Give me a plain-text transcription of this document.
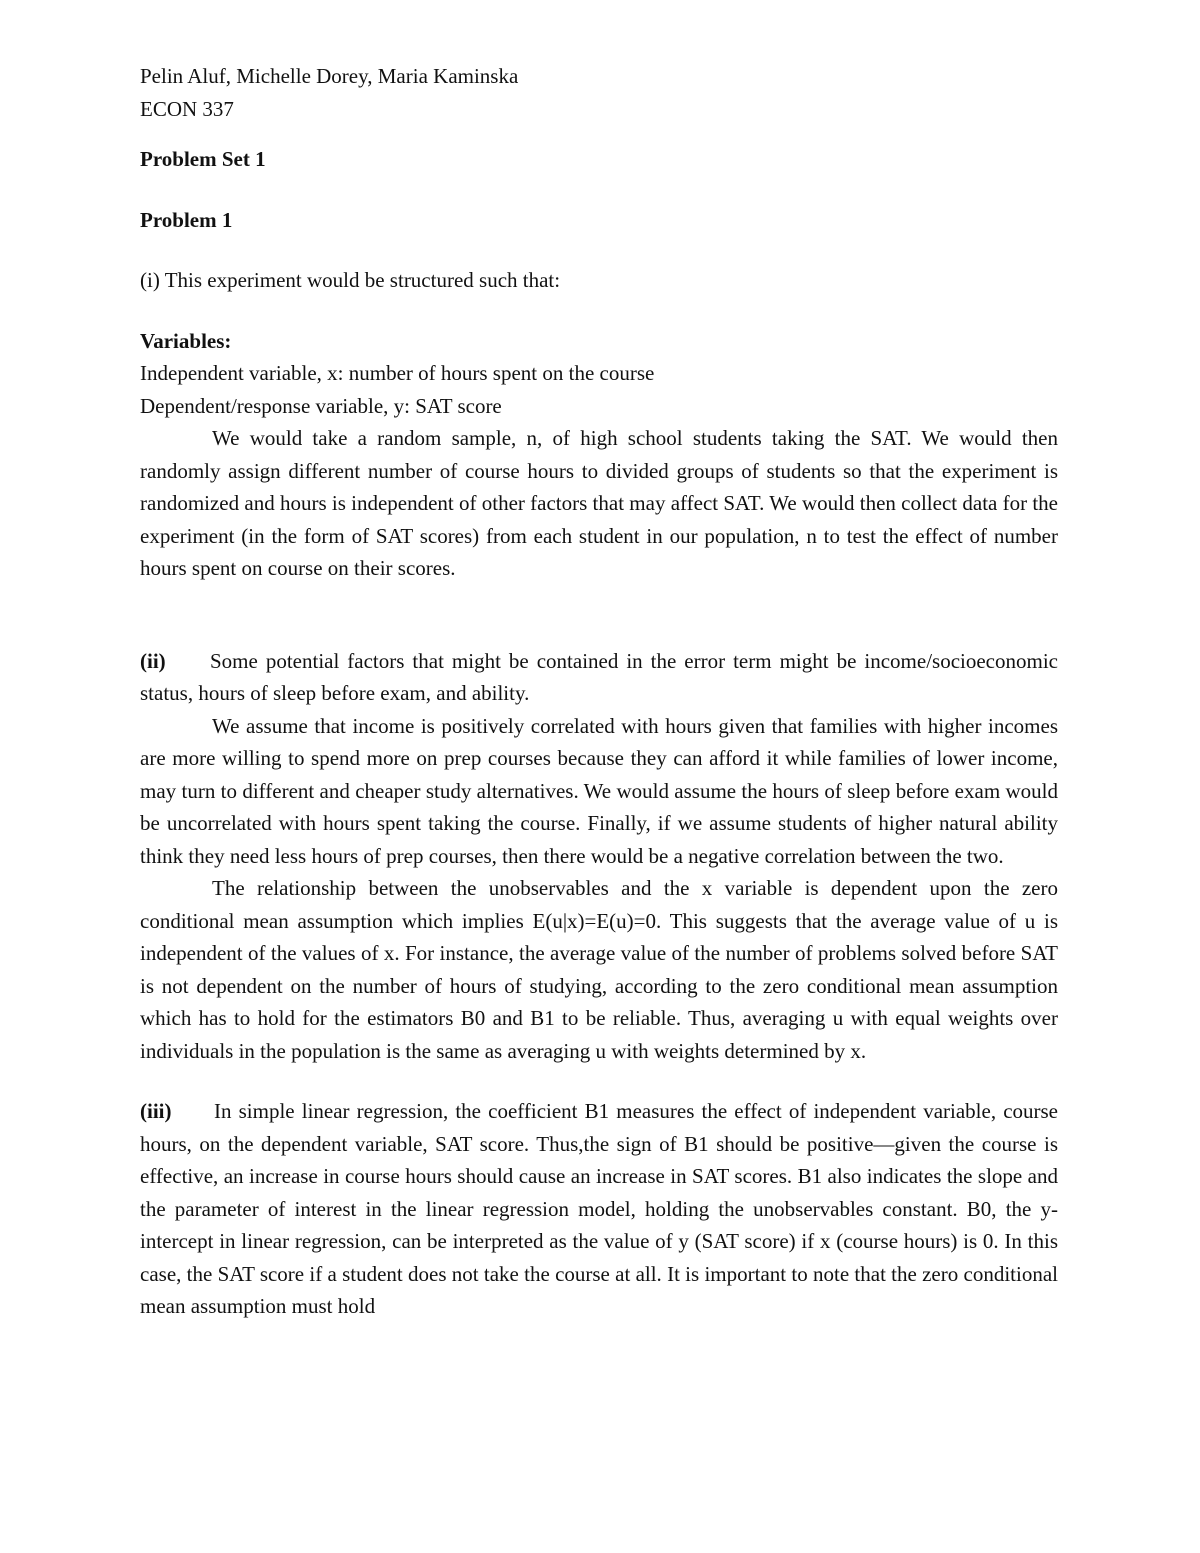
Pelin Aluf, Michelle Dorey, Maria Kaminska

ECON 337

Problem Set 1

Problem 1

(i) This experiment would be structured such that:

Variables:

Independent variable, x: number of hours spent on the course

Dependent/response variable, y: SAT score

We would take a random sample, n, of high school students taking the SAT. We would then randomly assign different number of course hours to divided groups of students so that the experiment is randomized and hours is independent of other factors that may affect SAT. We would then collect data for the experiment (in the form of SAT scores) from each student in our population, n to test the effect of number hours spent on course on their scores.

(ii) Some potential factors that might be contained in the error term might be income/socioeconomic status, hours of sleep before exam, and ability.

We assume that income is positively correlated with hours given that families with higher incomes are more willing to spend more on prep courses because they can afford it while families of lower income, may turn to different and cheaper study alternatives. We would assume the hours of sleep before exam would be uncorrelated with hours spent taking the course. Finally, if we assume students of higher natural ability think they need less hours of prep courses, then there would be a negative correlation between the two.

The relationship between the unobservables and the x variable is dependent upon the zero conditional mean assumption which implies E(u|x)=E(u)=0. This suggests that the average value of u is independent of the values of x. For instance, the average value of the number of problems solved before SAT is not dependent on the number of hours of studying, according to the zero conditional mean assumption which has to hold for the estimators B0 and B1 to be reliable. Thus, averaging u with equal weights over individuals in the population is the same as averaging u with weights determined by x.

(iii) In simple linear regression, the coefficient B1 measures the effect of independent variable, course hours, on the dependent variable, SAT score. Thus,the sign of B1 should be positive—given the course is effective, an increase in course hours should cause an increase in SAT scores. B1 also indicates the slope and the parameter of interest in the linear regression model, holding the unobservables constant. B0, the y-intercept in linear regression, can be interpreted as the value of y (SAT score) if x (course hours) is 0. In this case, the SAT score if a student does not take the course at all. It is important to note that the zero conditional mean assumption must hold
